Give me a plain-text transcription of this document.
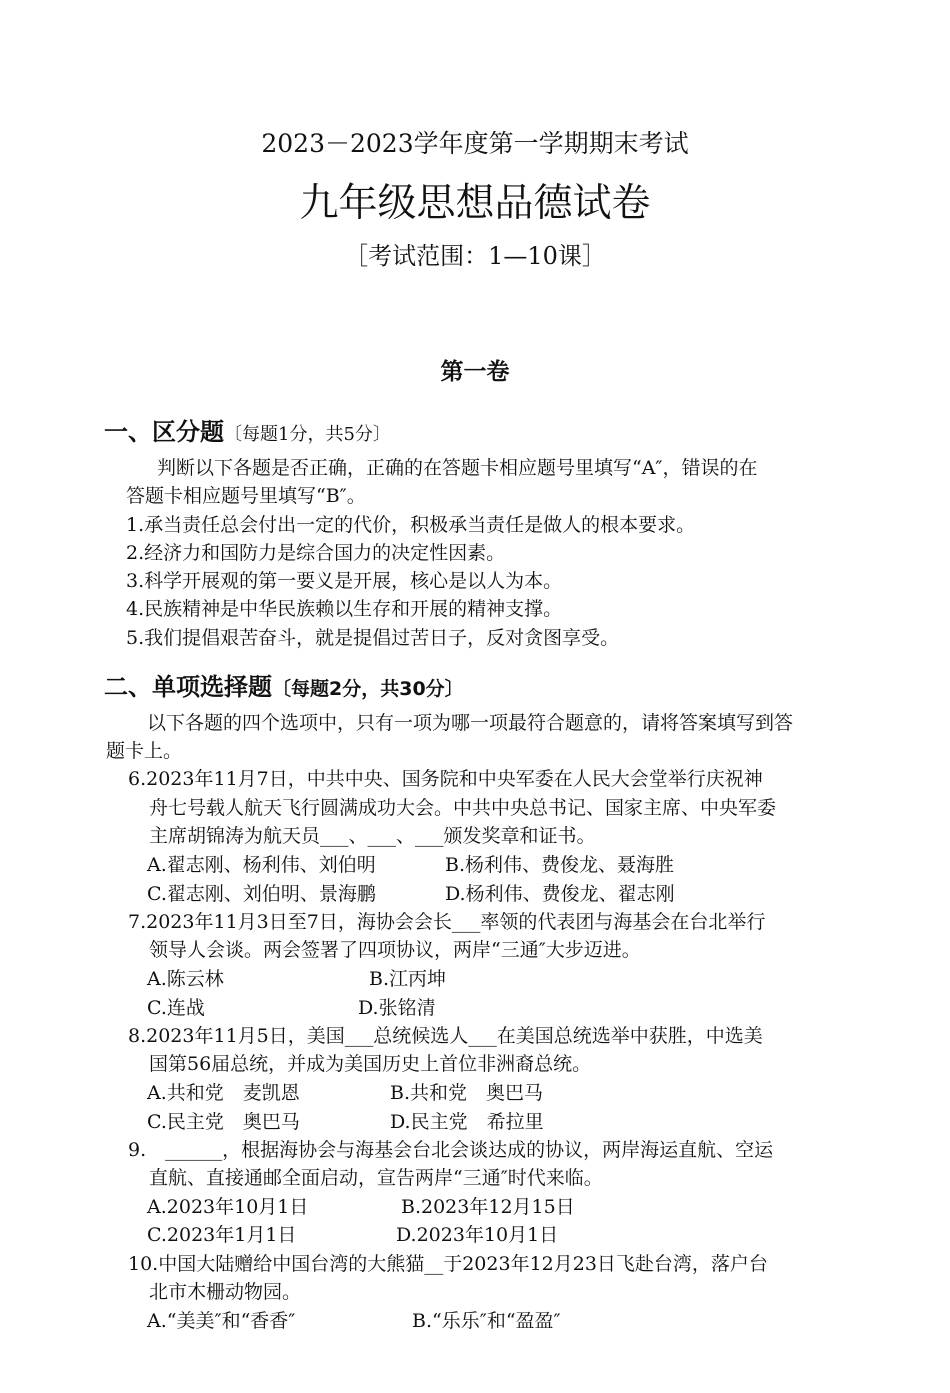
2023－2023学年度第一学期期末考试
九年级思想品德试卷
［考试范围：1—10课］
第一卷
一、区分题〔每题1分，共5分〕
判断以下各题是否正确，正确的在答题卡相应题号里填写“A″，错误的在
答题卡相应题号里填写“B″。
1.承当责任总会付出一定的代价，积极承当责任是做人的根本要求。
2.经济力和国防力是综合国力的决定性因素。
3.科学开展观的第一要义是开展，核心是以人为本。
4.民族精神是中华民族赖以生存和开展的精神支撑。
5.我们提倡艰苦奋斗，就是提倡过苦日子，反对贪图享受。
二、单项选择题〔每题2分，共30分〕
以下各题的四个选项中，只有一项为哪一项最符合题意的，请将答案填写到答
题卡上。
6.2023年11月7日，中共中央、国务院和中央军委在人民大会堂举行庆祝神
舟七号载人航天飞行圆满成功大会。中共中央总书记、国家主席、中央军委
主席胡锦涛为航天员___、___、___颁发奖章和证书。
A.翟志刚、杨利伟、刘伯明	B.杨利伟、费俊龙、聂海胜
C.翟志刚、刘伯明、景海鹏	D.杨利伟、费俊龙、翟志刚
7.2023年11月3日至7日，海协会会长___率领的代表团与海基会在台北举行
领导人会谈。两会签署了四项协议，两岸“三通″大步迈进。
A.陈云林	B.江丙坤
C.连战	D.张铭清
8.2023年11月5日，美国___总统候选人___在美国总统选举中获胜，中选美
国第56届总统，并成为美国历史上首位非洲裔总统。
A.共和党　麦凯恩	B.共和党　奥巴马
C.民主党　奥巴马	D.民主党　希拉里
9.　______，根据海协会与海基会台北会谈达成的协议，两岸海运直航、空运
直航、直接通邮全面启动，宣告两岸“三通″时代来临。
A.2023年10月1日	B.2023年12月15日
C.2023年1月1日	D.2023年10月1日
10.中国大陆赠给中国台湾的大熊猫__于2023年12月23日飞赴台湾，落户台
北市木栅动物园。
A.“美美″和“香香″	B.“乐乐″和“盈盈″
